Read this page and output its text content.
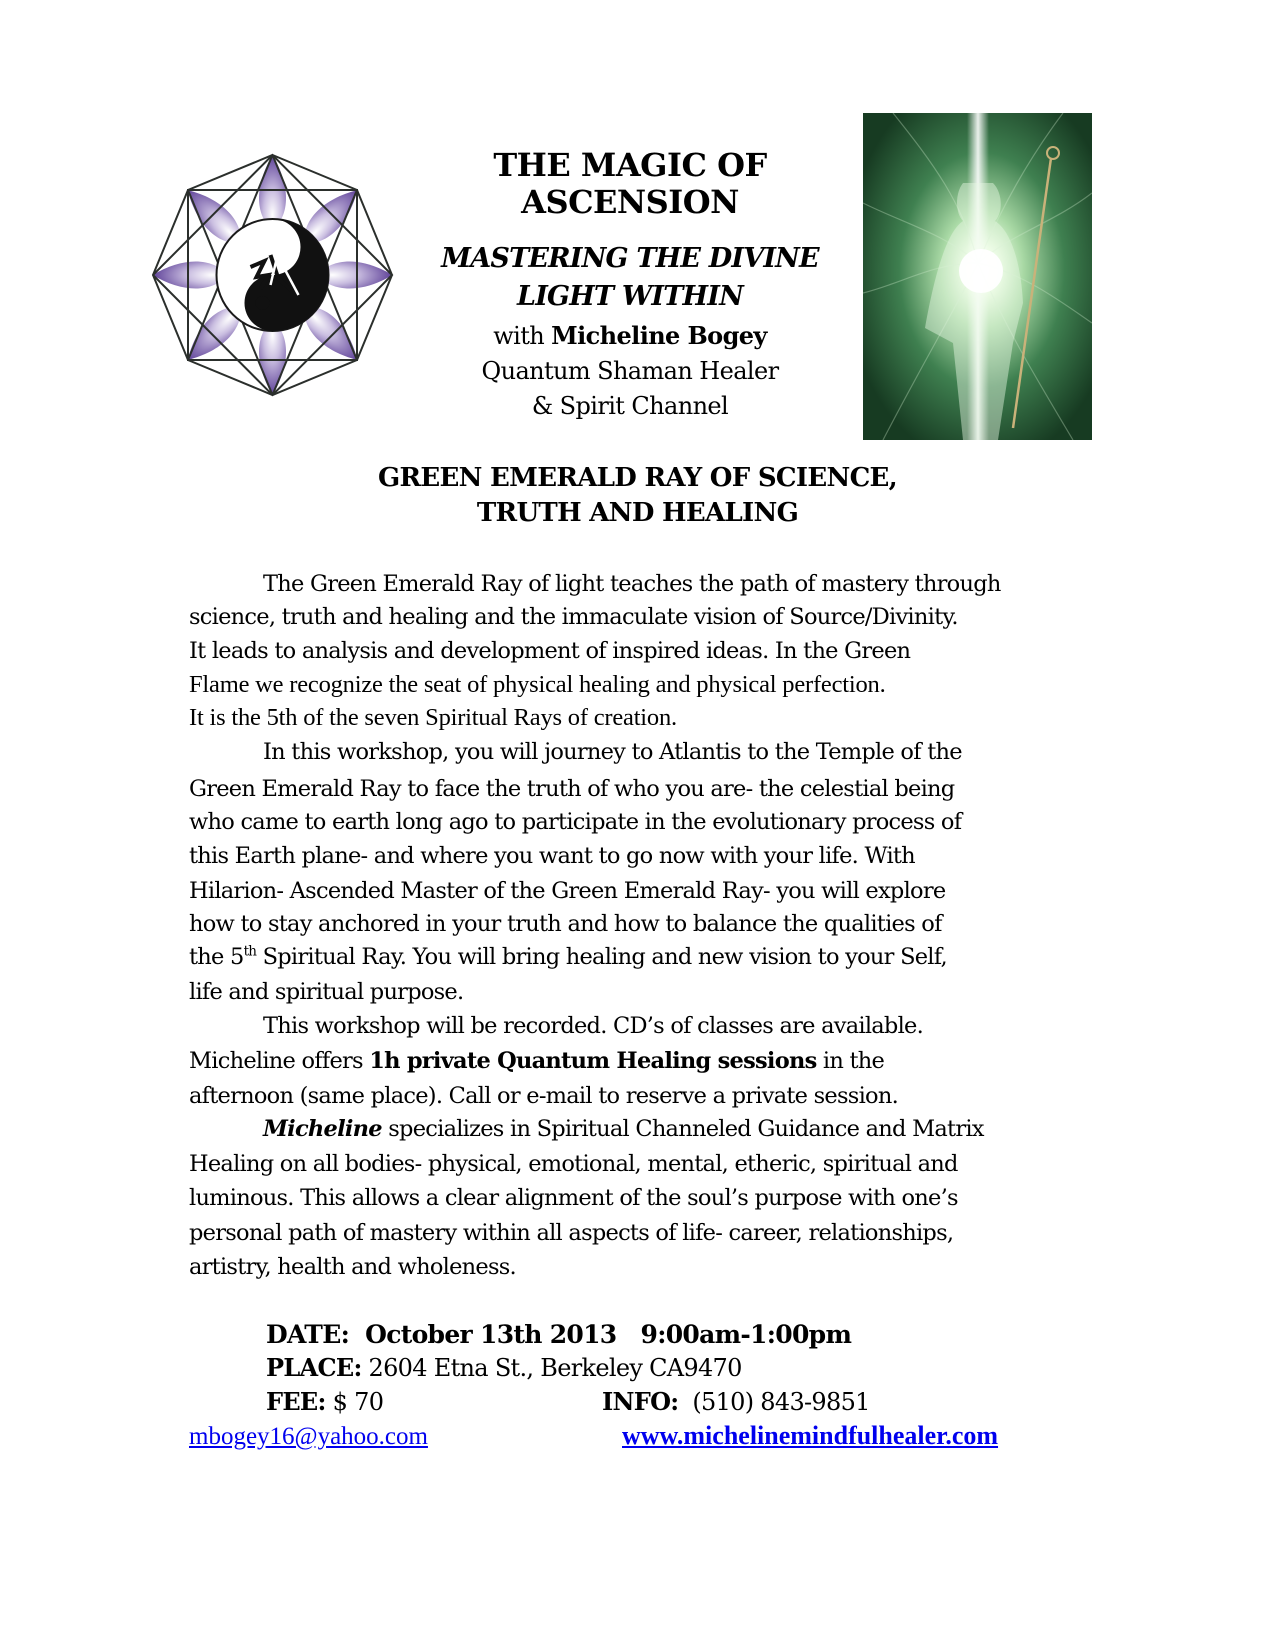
THE MAGIC OF
ASCENSION
MASTERING THE DIVINE
LIGHT WITHIN
with Micheline Bogey
Quantum Shaman Healer
& Spirit Channel
GREEN EMERALD RAY OF SCIENCE,
TRUTH AND HEALING
The Green Emerald Ray of light teaches the path of mastery through
science, truth and healing and the immaculate vision of Source/Divinity.
It leads to analysis and development of inspired ideas. In the Green
Flame we recognize the seat of physical healing and physical perfection.
It is the 5th of the seven Spiritual Rays of creation.
In this workshop, you will journey to Atlantis to the Temple of the
Green Emerald Ray to face the truth of who you are- the celestial being
who came to earth long ago to participate in the evolutionary process of
this Earth plane- and where you want to go now with your life. With
Hilarion- Ascended Master of the Green Emerald Ray- you will explore
how to stay anchored in your truth and how to balance the qualities of
the 5th Spiritual Ray. You will bring healing and new vision to your Self,
life and spiritual purpose.
This workshop will be recorded. CD’s of classes are available.
Micheline offers 1h private Quantum Healing sessions in the
afternoon (same place). Call or e-mail to reserve a private session.
Micheline specializes in Spiritual Channeled Guidance and Matrix
Healing on all bodies- physical, emotional, mental, etheric, spiritual and
luminous. This allows a clear alignment of the soul’s purpose with one’s
personal path of mastery within all aspects of life- career, relationships,
artistry, health and wholeness.
DATE: October 13th 2013   9:00am-1:00pm
PLACE: 2604 Etna St., Berkeley CA9470
FEE: $ 70	INFO: (510) 843-9851
mbogey16@yahoo.com	www.michelinemindfulhealer.com
